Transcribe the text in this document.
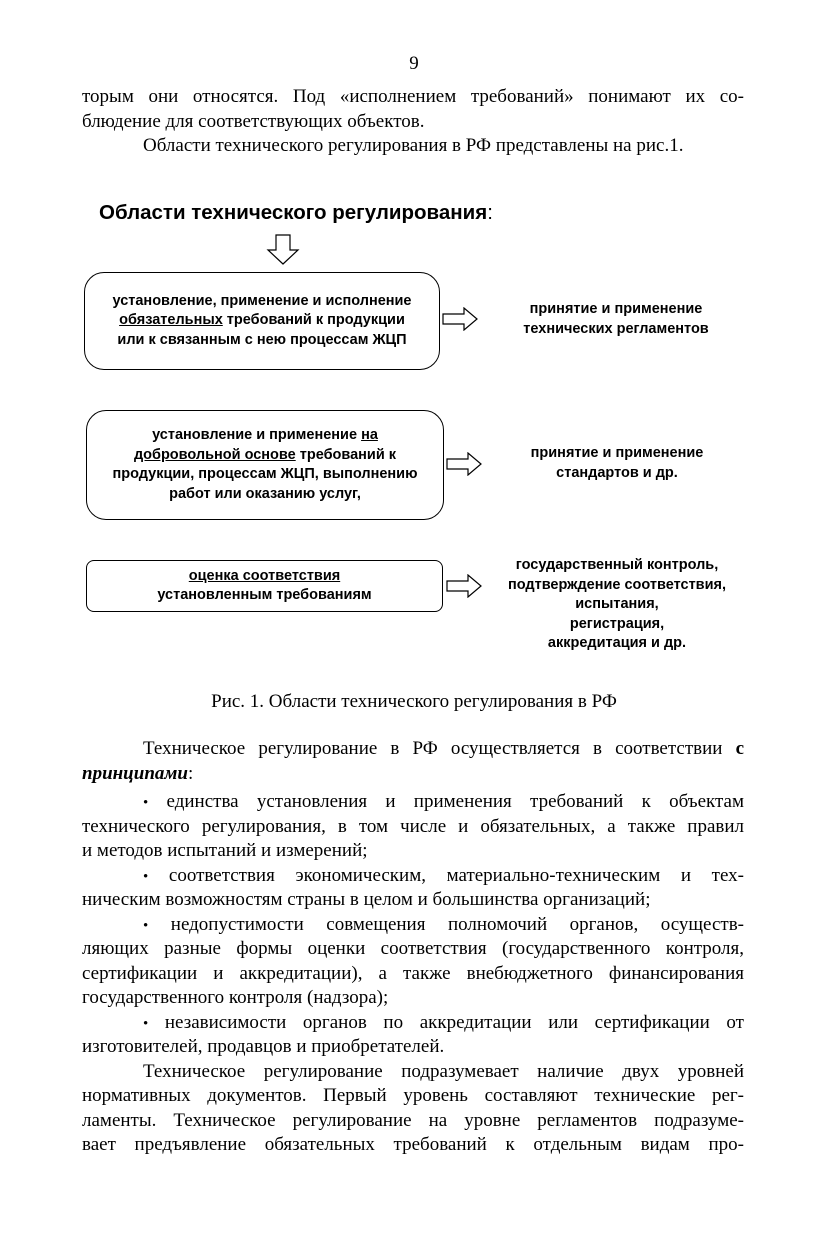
9
торым они относятся. Под «исполнением требований» понимают их со-
блюдение для соответствующих объектов.
Области технического регулирования в РФ представлены на рис.1.
Области технического регулирования:
установление, применение и исполнение
обязательных требований к продукции
или к связанным с нею процессам ЖЦП
принятие и применение
технических регламентов
установление и применение на
добровольной основе требований к
продукции, процессам ЖЦП, выполнению
работ или оказанию услуг,
принятие и применение
стандартов и др.
оценка соответствия
установленным требованиям
государственный контроль,
подтверждение соответствия,
испытания,
регистрация,
аккредитация и др.
Рис. 1. Области технического регулирования в РФ
Техническое регулирование в РФ осуществляется в соответствии с
принципами:
• единства установления и применения требований к объектам
технического регулирования, в том числе и обязательных, а также правил
и методов испытаний и измерений;
• соответствия экономическим, материально-техническим и тех-
ническим возможностям страны в целом и большинства организаций;
• недопустимости совмещения полномочий органов, осуществ-
ляющих разные формы оценки соответствия (государственного контроля,
сертификации и аккредитации), а также внебюджетного финансирования
государственного контроля (надзора);
• независимости органов по аккредитации или сертификации от
изготовителей, продавцов и приобретателей.
Техническое регулирование подразумевает наличие двух уровней
нормативных документов. Первый уровень составляют технические рег-
ламенты. Техническое регулирование на уровне регламентов подразуме-
вает предъявление обязательных требований к отдельным видам про-
